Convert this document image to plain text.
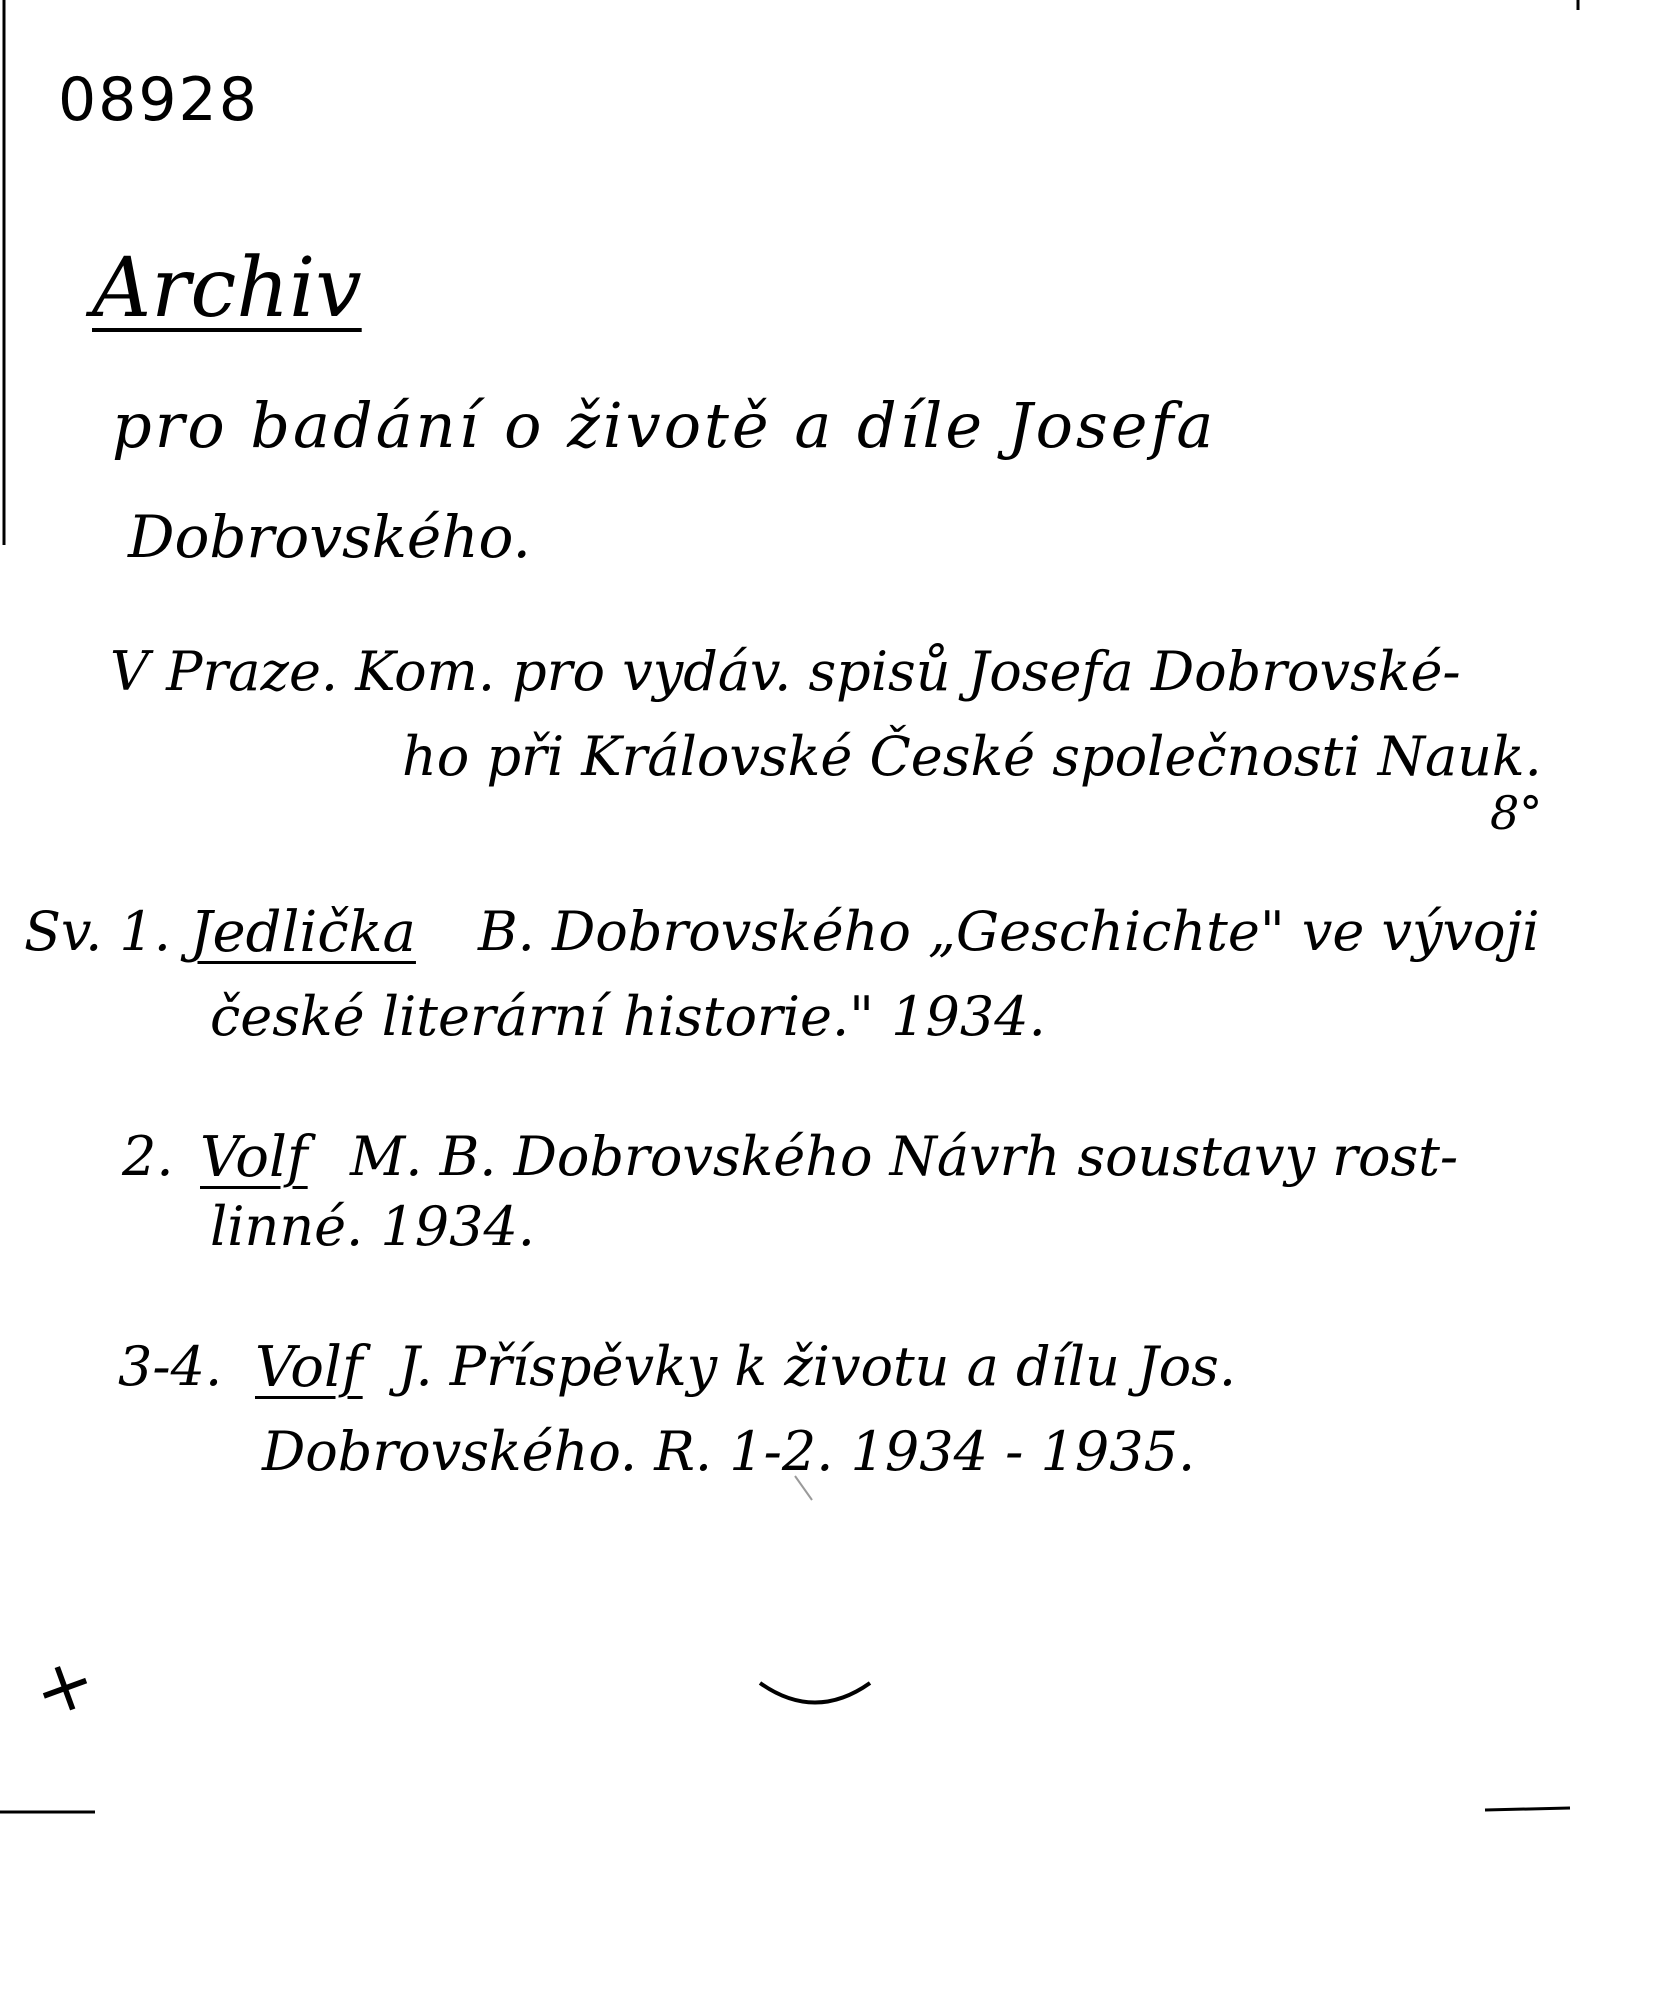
08928
Archiv
pro badání o životě a díle Josefa
Dobrovského.
V Praze. Kom. pro vydáv. spisů Josefa Dobrovské-
ho při Královské České společnosti Nauk.
8°
Sv. 1. Jedlička B. Dobrovského „Geschichte" ve vývoji
české literární historie." 1934.
2. Volf M. B. Dobrovského Návrh soustavy rost-
linné. 1934.
3-4. Volf J. Příspěvky k životu a dílu Jos.
Dobrovského. R. 1-2. 1934 - 1935.
+
